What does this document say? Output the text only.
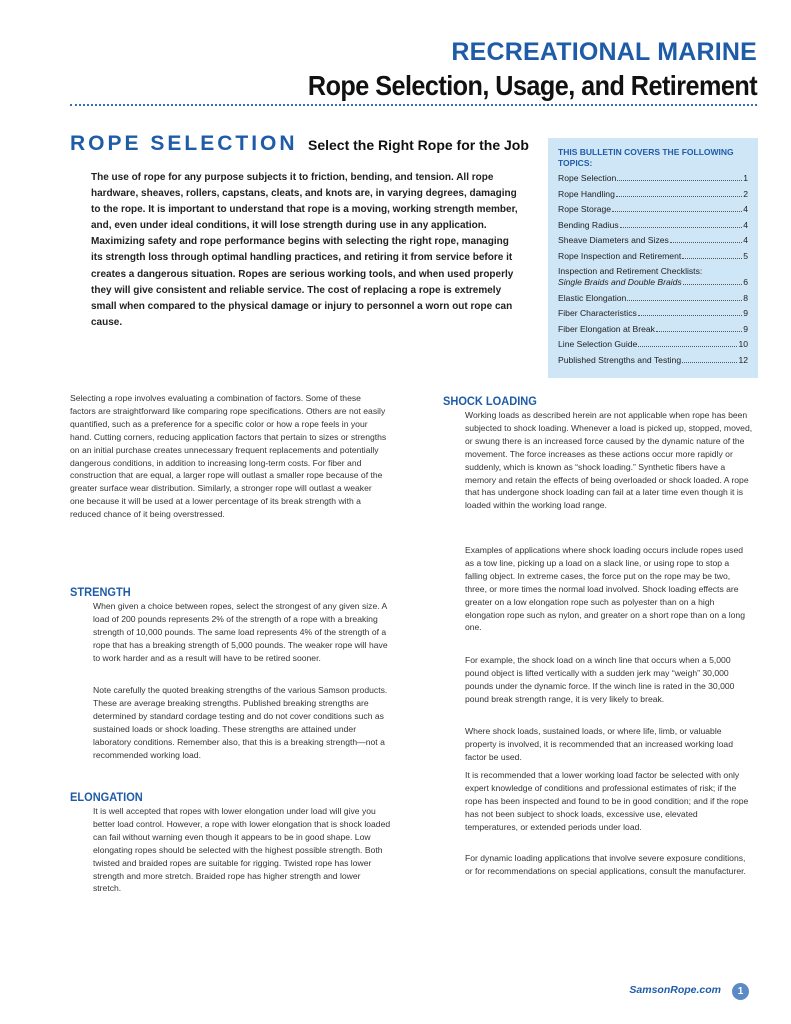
RECREATIONAL MARINE
Rope Selection, Usage, and Retirement
ROPE SELECTION Select the Right Rope for the Job

The use of rope for any purpose subjects it to friction, bending, and tension. All rope hardware, sheaves, rollers, capstans, cleats, and knots are, in varying degrees, damaging to the rope. It is important to understand that rope is a moving, working strength member, and, even under ideal conditions, it will lose strength during use in any application. Maximizing safety and rope performance begins with selecting the right rope, managing its strength loss through optimal handling practices, and retiring it from service before it creates a dangerous situation. Ropes are serious working tools, and when used properly they will give consistent and reliable service. The cost of replacing a rope is extremely small when compared to the physical damage or injury to personnel a worn out rope can cause.

THIS BULLETIN COVERS THE FOLLOWING TOPICS:
Rope Selection	1
Rope Handling	2
Rope Storage	4
Bending Radius	4
Sheave Diameters and Sizes	4
Rope Inspection and Retirement	5
Inspection and Retirement Checklists:
Single Braids and Double Braids	6
Elastic Elongation	8
Fiber Characteristics	9
Fiber Elongation at Break	9
Line Selection Guide	10
Published Strengths and Testing	12

Selecting a rope involves evaluating a combination of factors. Some of these factors are straightforward like comparing rope specifications. Others are not easily quantified, such as a preference for a specific color or how a rope feels in your hand. Cutting corners, reducing application factors that pertain to sizes or strengths on an initial purchase creates unnecessary frequent replacements and potentially dangerous conditions, in addition to increasing long-term costs. For fiber and construction that are equal, a larger rope will outlast a smaller rope because of the greater surface wear distribution. Similarly, a stronger rope will outlast a weaker one because it will be used at a lower percentage of its break strength with a reduced chance of it being overstressed.

STRENGTH

When given a choice between ropes, select the strongest of any given size. A load of 200 pounds represents 2% of the strength of a rope with a breaking strength of 10,000 pounds. The same load represents 4% of the strength of a rope that has a breaking strength of 5,000 pounds. The weaker rope will have to work harder and as a result will have to be retired sooner.

Note carefully the quoted breaking strengths of the various Samson products. These are average breaking strengths. Published breaking strengths are determined by standard cordage testing and do not cover conditions such as sustained loads or shock loading. These strengths are attained under laboratory conditions. Remember also, that this is a breaking strength—not a recommended working load.

ELONGATION

It is well accepted that ropes with lower elongation under load will give you better load control. However, a rope with lower elongation that is shock loaded can fail without warning even though it appears to be in good shape. Low elongating ropes should be selected with the highest possible strength. Both twisted and braided ropes are suitable for rigging. Twisted rope has lower strength and more stretch. Braided rope has higher strength and lower stretch.

SHOCK LOADING

Working loads as described herein are not applicable when rope has been subjected to shock loading. Whenever a load is picked up, stopped, moved, or swung there is an increased force caused by the dynamic nature of the movement. The force increases as these actions occur more rapidly or suddenly, which is known as “shock loading.” Synthetic fibers have a memory and retain the effects of being overloaded or shock loaded. A rope that has undergone shock loading can fail at a later time even though it is loaded within the working load range.

Examples of applications where shock loading occurs include ropes used as a tow line, picking up a load on a slack line, or using rope to stop a falling object. In extreme cases, the force put on the rope may be two, three, or more times the normal load involved. Shock loading effects are greater on a low elongation rope such as polyester than on a high elongation rope such as nylon, and greater on a short rope than on a long one.

For example, the shock load on a winch line that occurs when a 5,000 pound object is lifted vertically with a sudden jerk may “weigh” 30,000 pounds under the dynamic force. If the winch line is rated in the 30,000 pound break strength range, it is very likely to break.

Where shock loads, sustained loads, or where life, limb, or valuable property is involved, it is recommended that an increased working load factor be used.

It is recommended that a lower working load factor be selected with only expert knowledge of conditions and professional estimates of risk; if the rope has been inspected and found to be in good condition; and if the rope has not been subject to shock loads, excessive use, elevated temperatures, or extended periods under load.

For dynamic loading applications that involve severe exposure conditions, or for recommendations on special applications, consult the manufacturer.

SamsonRope.com	1
